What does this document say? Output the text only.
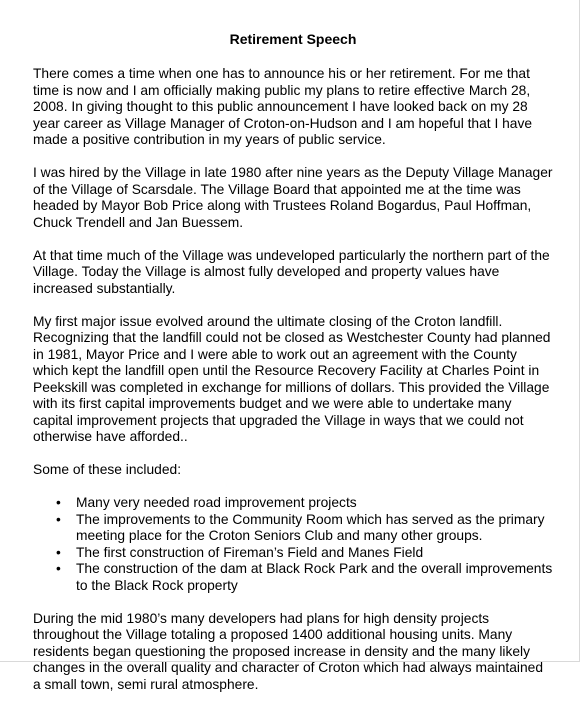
Retirement Speech

There comes a time when one has to announce his or her retirement. For me that time is now and I am officially making public my plans to retire effective March 28, 2008. In giving thought to this public announcement I have looked back on my 28 year career as Village Manager of Croton-on-Hudson and I am hopeful that I have made a positive contribution in my years of public service.

I was hired by the Village in late 1980 after nine years as the Deputy Village Manager of the Village of Scarsdale. The Village Board that appointed me at the time was headed by Mayor Bob Price along with Trustees Roland Bogardus, Paul Hoffman, Chuck Trendell and Jan Buessem.

At that time much of the Village was undeveloped particularly the northern part of the Village. Today the Village is almost fully developed and property values have increased substantially.

My first major issue evolved around the ultimate closing of the Croton landfill. Recognizing that the landfill could not be closed as Westchester County had planned in 1981, Mayor Price and I were able to work out an agreement with the County which kept the landfill open until the Resource Recovery Facility at Charles Point in Peekskill was completed in exchange for millions of dollars. This provided the Village with its first capital improvements budget and we were able to undertake many capital improvement projects that upgraded the Village in ways that we could not otherwise have afforded..

Some of these included:

• Many very needed road improvement projects
• The improvements to the Community Room which has served as the primary meeting place for the Croton Seniors Club and many other groups.
• The first construction of Fireman’s Field and Manes Field
• The construction of the dam at Black Rock Park and the overall improvements to the Black Rock property

During the mid 1980’s many developers had plans for high density projects throughout the Village totaling a proposed 1400 additional housing units. Many residents began questioning the proposed increase in density and the many likely changes in the overall quality and character of Croton which had always maintained a small town, semi rural atmosphere.
